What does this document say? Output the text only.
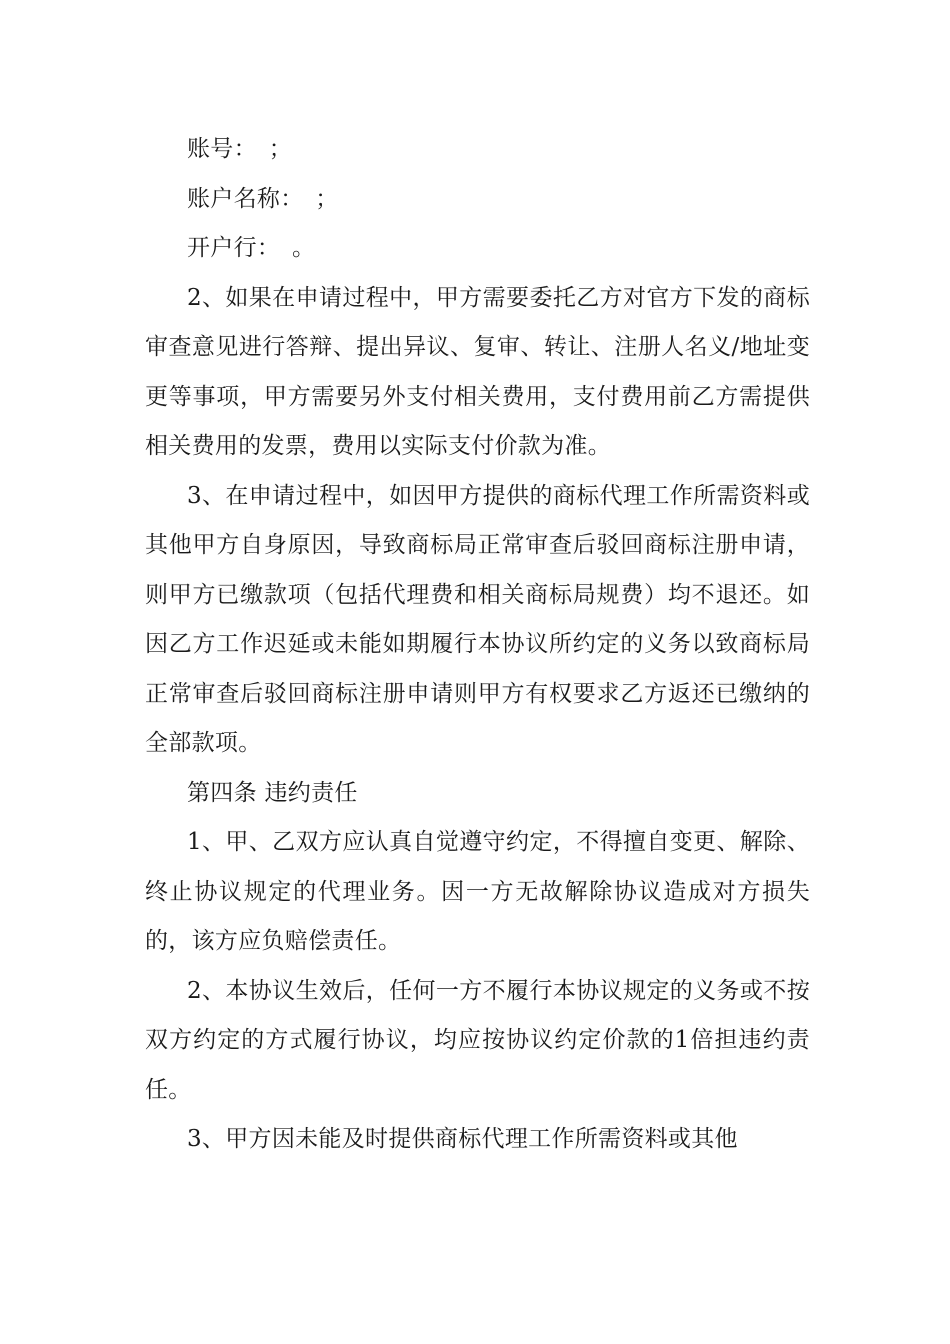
账号：　；

账户名称：　；

开户行：　。

2、如果在申请过程中，甲方需要委托乙方对官方下发的商标审查意见进行答辩、提出异议、复审、转让、注册人名义/地址变更等事项，甲方需要另外支付相关费用，支付费用前乙方需提供相关费用的发票，费用以实际支付价款为准。

3、在申请过程中，如因甲方提供的商标代理工作所需资料或其他甲方自身原因，导致商标局正常审查后驳回商标注册申请，则甲方已缴款项（包括代理费和相关商标局规费）均不退还。如因乙方工作迟延或未能如期履行本协议所约定的义务以致商标局正常审查后驳回商标注册申请则甲方有权要求乙方返还已缴纳的全部款项。

第四条 违约责任

1、甲、乙双方应认真自觉遵守约定，不得擅自变更、解除、终止协议规定的代理业务。因一方无故解除协议造成对方损失的，该方应负赔偿责任。

2、本协议生效后，任何一方不履行本协议规定的义务或不按双方约定的方式履行协议，均应按协议约定价款的1倍担违约责任。

3、甲方因未能及时提供商标代理工作所需资料或其他
